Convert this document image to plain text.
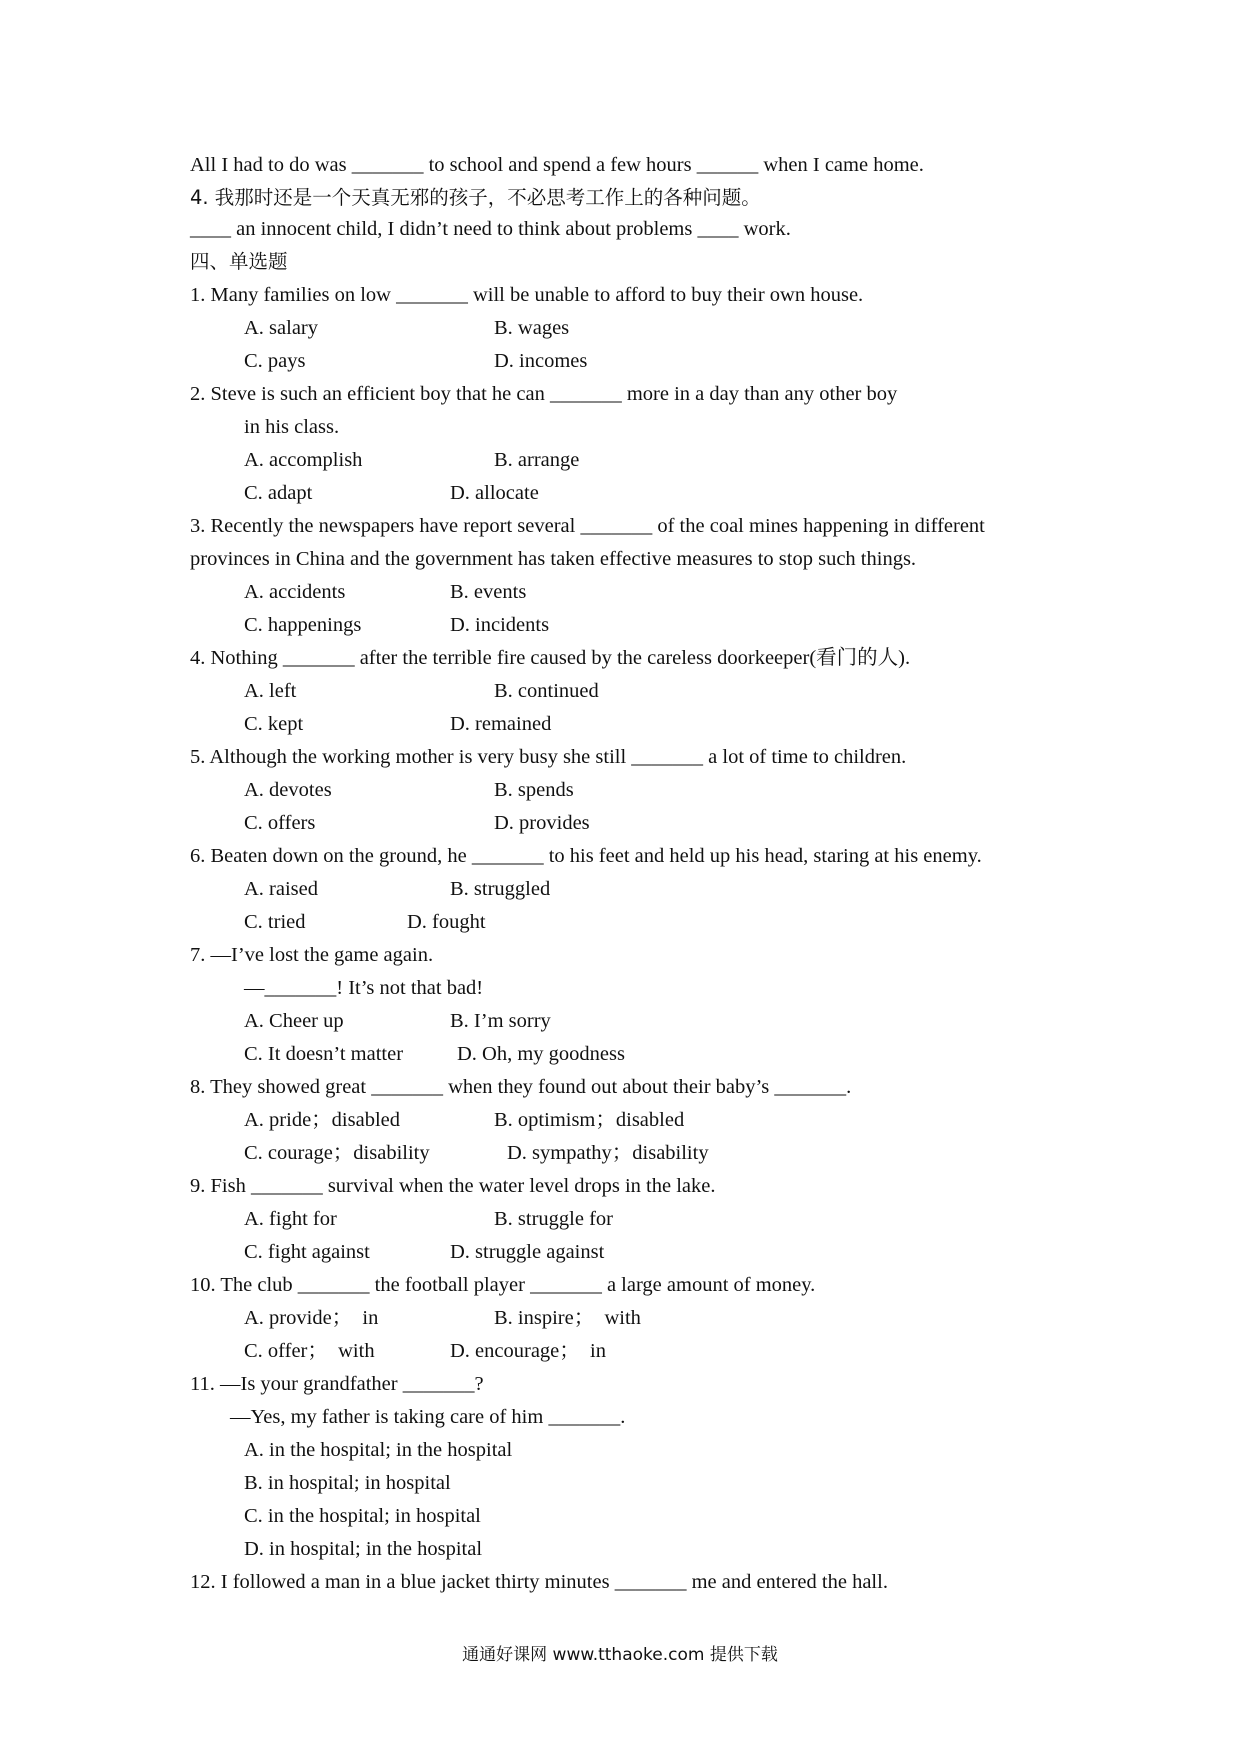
All I had to do was _______ to school and spend a few hours ______ when I came home.
4. 我那时还是一个天真无邪的孩子，不必思考工作上的各种问题。
____ an innocent child, I didn’t need to think about problems ____ work.
四、单选题
1. Many families on low _______ will be unable to afford to buy their own house.
A. salary	B. wages
C. pays	D. incomes
2. Steve is such an efficient boy that he can _______ more in a day than any other boy
in his class.
A. accomplish	B. arrange
C. adapt	D. allocate
3. Recently the newspapers have report several _______ of the coal mines happening in different
provinces in China and the government has taken effective measures to stop such things.
A. accidents	B. events
C. happenings	D. incidents
4. Nothing _______ after the terrible fire caused by the careless doorkeeper(看门的人).
A. left	B. continued
C. kept	D. remained
5. Although the working mother is very busy she still _______ a lot of time to children.
A. devotes	B. spends
C. offers	D. provides
6. Beaten down on the ground, he _______ to his feet and held up his head, staring at his enemy.
A. raised	B. struggled
C. tried	D. fought
7. —I’ve lost the game again.
—_______! It’s not that bad!
A. Cheer up	B. I’m sorry
C. It doesn’t matter	D. Oh, my goodness
8. They showed great _______ when they found out about their baby’s _______.
A. pride；disabled	B. optimism；disabled
C. courage；disability	D. sympathy；disability
9. Fish _______ survival when the water level drops in the lake.
A. fight for	B. struggle for
C. fight against	D. struggle against
10. The club _______ the football player _______ a large amount of money.
A. provide；  in	B. inspire；  with
C. offer；  with	D. encourage；  in
11. —Is your grandfather _______?
—Yes, my father is taking care of him _______.
A. in the hospital; in the hospital
B. in hospital; in hospital
C. in the hospital; in hospital
D. in hospital; in the hospital
12. I followed a man in a blue jacket thirty minutes _______ me and entered the hall.
通通好课网 www.tthaoke.com 提供下载
